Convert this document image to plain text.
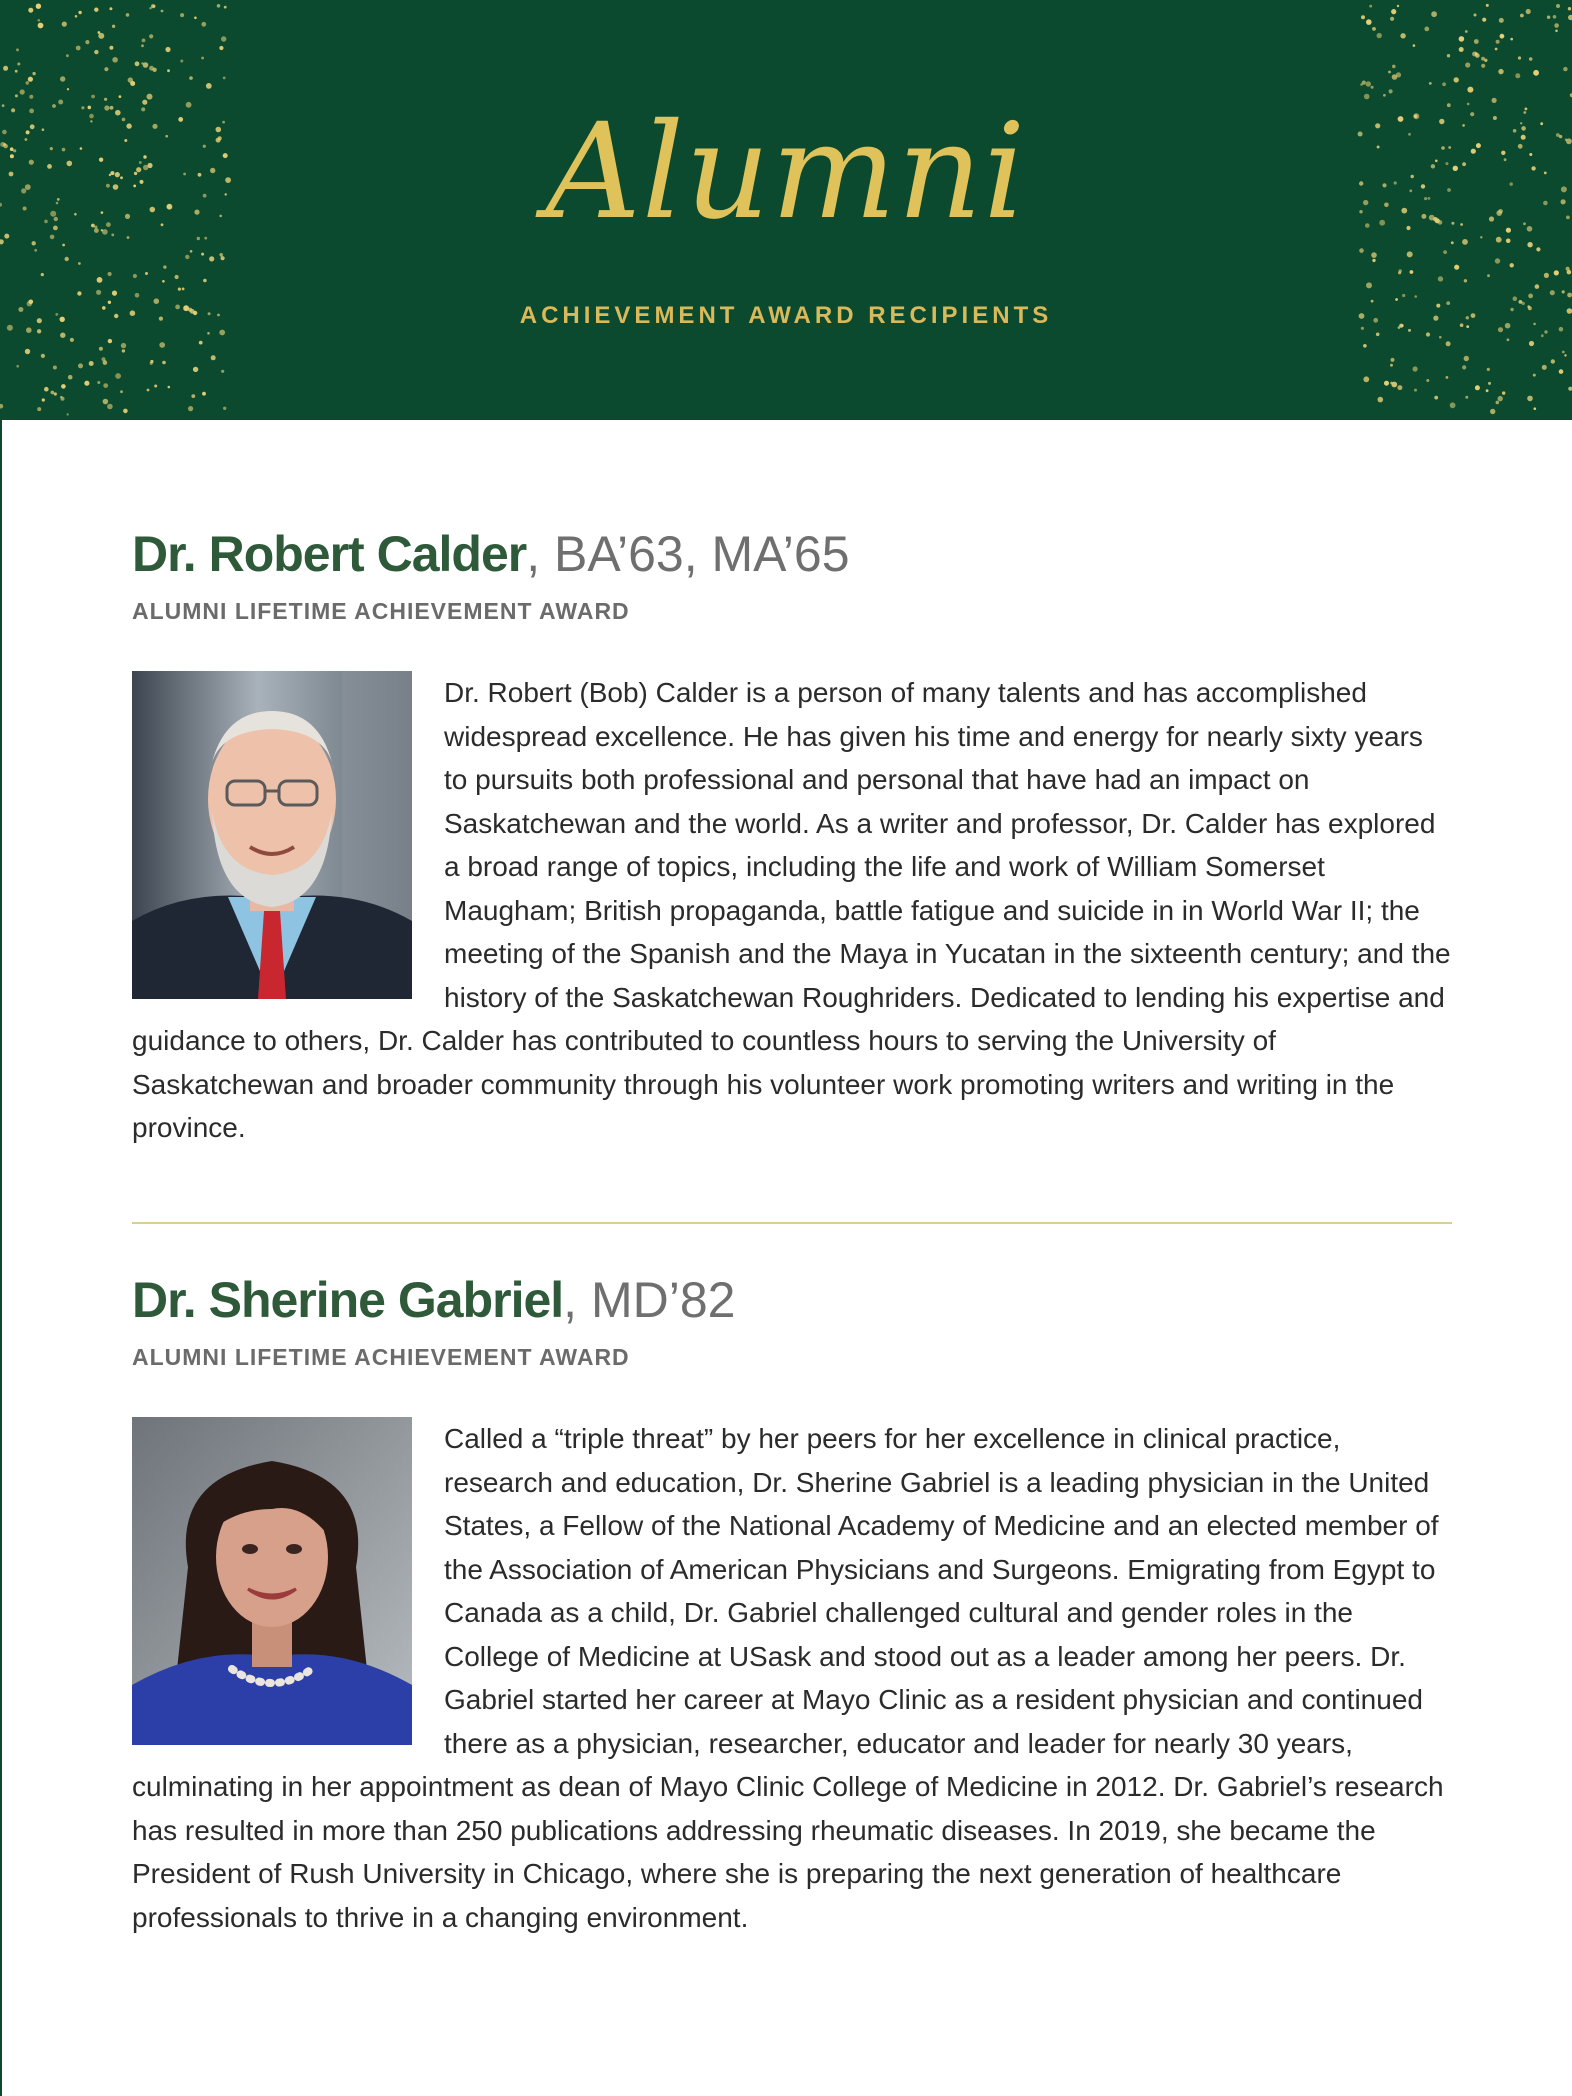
Alumni
ACHIEVEMENT AWARD RECIPIENTS
Dr. Robert Calder, BA’63, MA’65
ALUMNI LIFETIME ACHIEVEMENT AWARD

Dr. Robert (Bob) Calder is a person of many talents and has accomplished widespread excellence. He has given his time and energy for nearly sixty years to pursuits both professional and personal that have had an impact on Saskatchewan and the world. As a writer and professor, Dr. Calder has explored a broad range of topics, including the life and work of William Somerset Maugham; British propaganda, battle fatigue and suicide in in World War II; the meeting of the Spanish and the Maya in Yucatan in the sixteenth century; and the history of the Saskatchewan Roughriders. Dedicated to lending his expertise and guidance to others, Dr. Calder has contributed to countless hours to serving the University of Saskatchewan and broader community through his volunteer work promoting writers and writing in the province.

Dr. Sherine Gabriel, MD’82
ALUMNI LIFETIME ACHIEVEMENT AWARD

Called a “triple threat” by her peers for her excellence in clinical practice, research and education, Dr. Sherine Gabriel is a leading physician in the United States, a Fellow of the National Academy of Medicine and an elected member of the Association of American Physicians and Surgeons. Emigrating from Egypt to Canada as a child, Dr. Gabriel challenged cultural and gender roles in the College of Medicine at USask and stood out as a leader among her peers. Dr. Gabriel started her career at Mayo Clinic as a resident physician and continued there as a physician, researcher, educator and leader for nearly 30 years, culminating in her appointment as dean of Mayo Clinic College of Medicine in 2012. Dr. Gabriel’s research has resulted in more than 250 publications addressing rheumatic diseases. In 2019, she became the President of Rush University in Chicago, where she is preparing the next generation of healthcare professionals to thrive in a changing environment.
